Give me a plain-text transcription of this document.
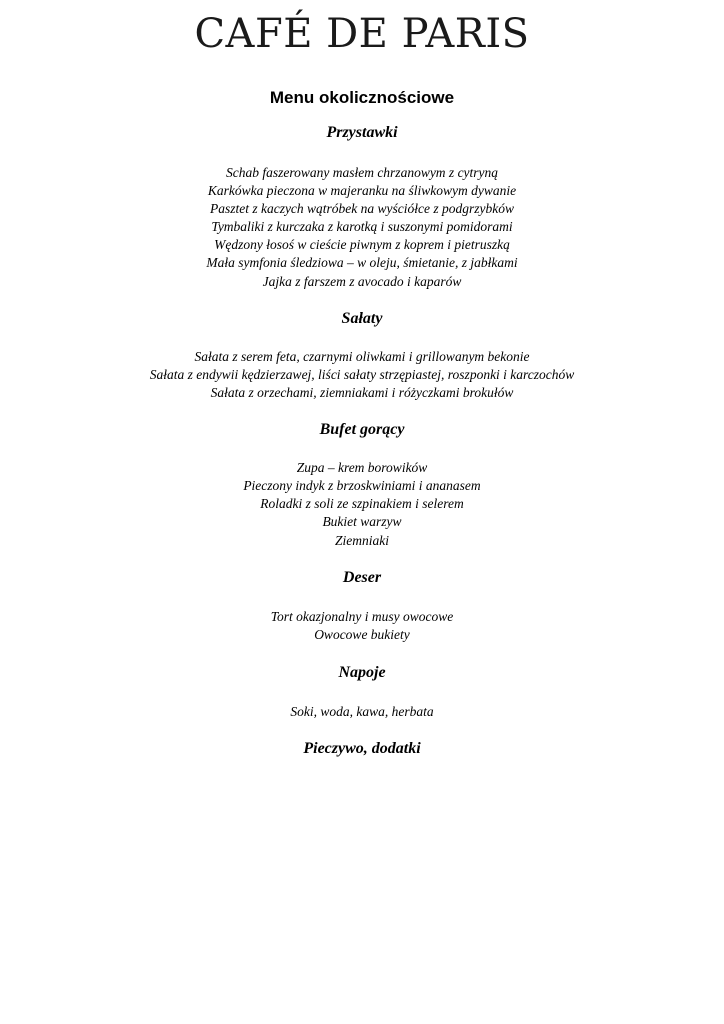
CAFÉ DE PARIS
Menu okolicznościowe
Przystawki
Schab faszerowany masłem chrzanowym z cytryną
Karkówka pieczona w majeranku na śliwkowym dywanie
Pasztet z kaczych wątróbek na wyściółce z podgrzybków
Tymbaliki z kurczaka z karotką i suszonymi pomidorami
Wędzony łosoś w cieście piwnym z koprem i pietruszką
Mała symfonia śledziowa – w oleju, śmietanie, z jabłkami
Jajka z farszem z avocado i kaparów
Sałaty
Sałata z serem feta, czarnymi oliwkami i grillowanym bekonie
Sałata z endywii kędzierzawej, liści sałaty strzępiastej, roszponki i karczochów
Sałata z orzechami, ziemniakami i różyczkami brokułów
Bufet gorący
Zupa – krem borowików
Pieczony indyk z brzoskwiniami i ananasem
Roladki z soli ze szpinakiem i selerem
Bukiet warzyw
Ziemniaki
Deser
Tort okazjonalny i musy owocowe
Owocowe bukiety
Napoje
Soki, woda, kawa, herbata
Pieczywo, dodatki
